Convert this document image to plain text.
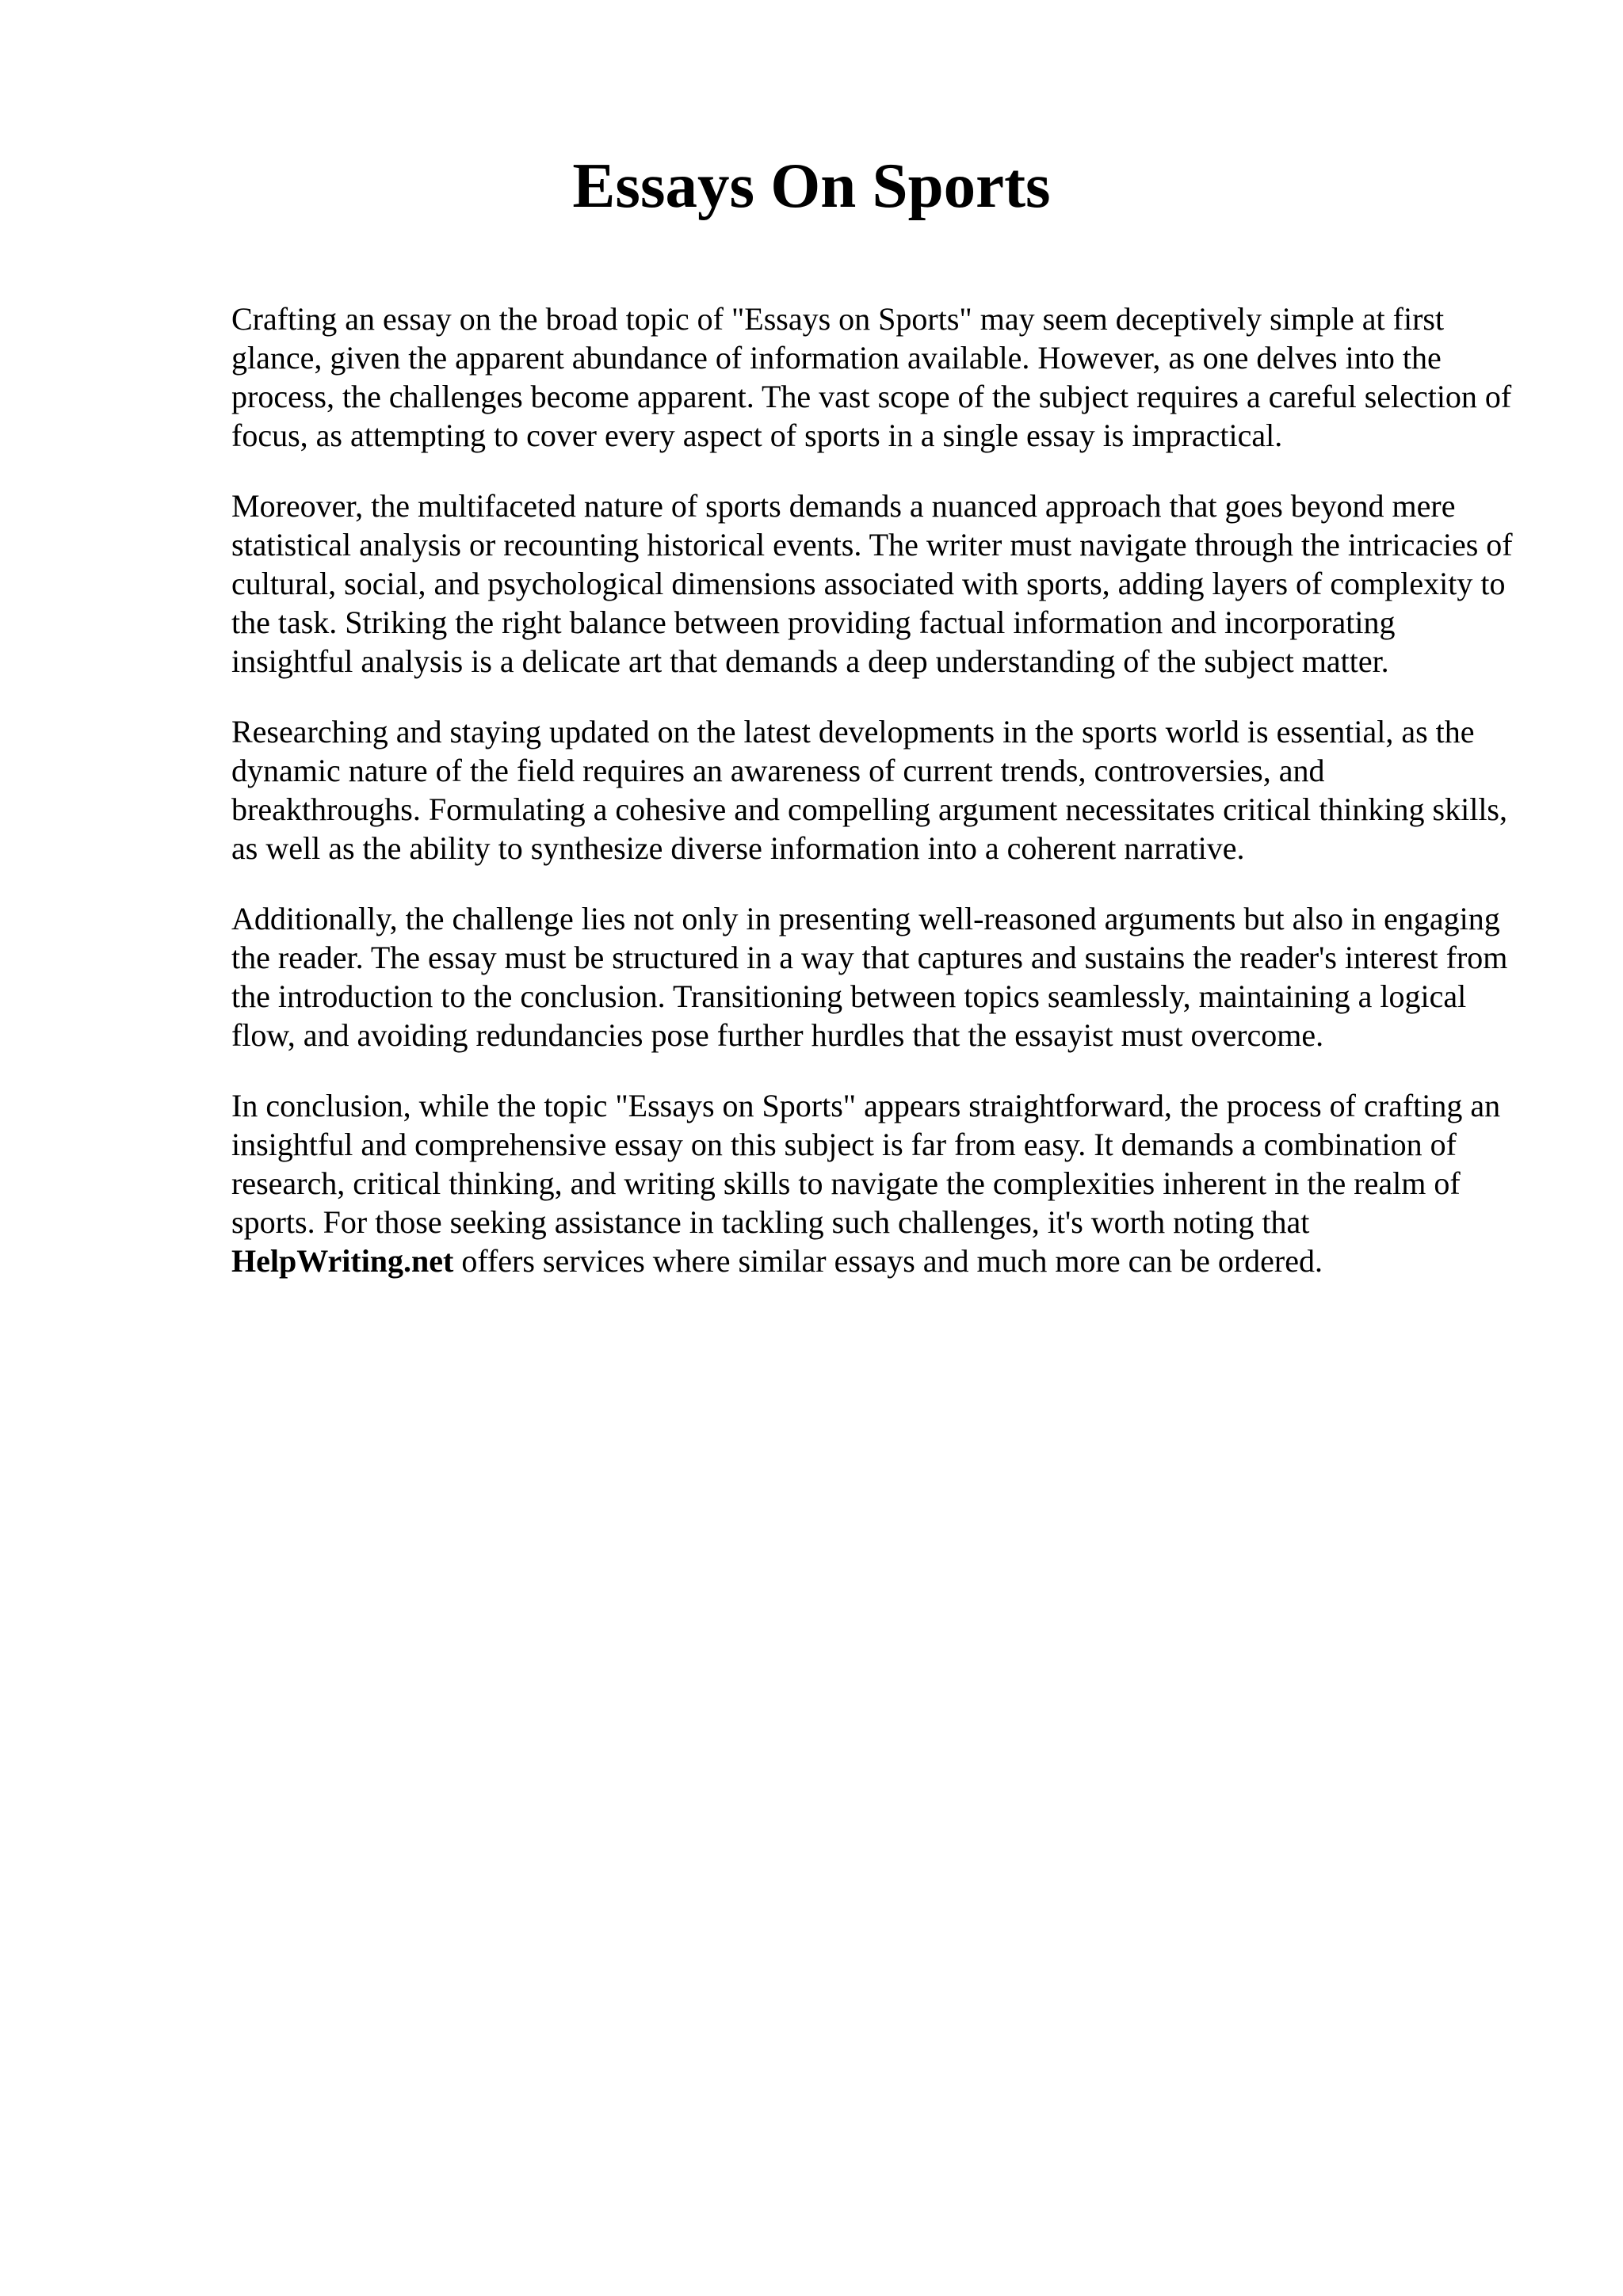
Essays On Sports

Crafting an essay on the broad topic of "Essays on Sports" may seem deceptively simple at first glance, given the apparent abundance of information available. However, as one delves into the process, the challenges become apparent. The vast scope of the subject requires a careful selection of focus, as attempting to cover every aspect of sports in a single essay is impractical.

Moreover, the multifaceted nature of sports demands a nuanced approach that goes beyond mere statistical analysis or recounting historical events. The writer must navigate through the intricacies of cultural, social, and psychological dimensions associated with sports, adding layers of complexity to the task. Striking the right balance between providing factual information and incorporating insightful analysis is a delicate art that demands a deep understanding of the subject matter.

Researching and staying updated on the latest developments in the sports world is essential, as the dynamic nature of the field requires an awareness of current trends, controversies, and breakthroughs. Formulating a cohesive and compelling argument necessitates critical thinking skills, as well as the ability to synthesize diverse information into a coherent narrative.

Additionally, the challenge lies not only in presenting well-reasoned arguments but also in engaging the reader. The essay must be structured in a way that captures and sustains the reader's interest from the introduction to the conclusion. Transitioning between topics seamlessly, maintaining a logical flow, and avoiding redundancies pose further hurdles that the essayist must overcome.

In conclusion, while the topic "Essays on Sports" appears straightforward, the process of crafting an insightful and comprehensive essay on this subject is far from easy. It demands a combination of research, critical thinking, and writing skills to navigate the complexities inherent in the realm of sports. For those seeking assistance in tackling such challenges, it's worth noting that HelpWriting.net offers services where similar essays and much more can be ordered.
